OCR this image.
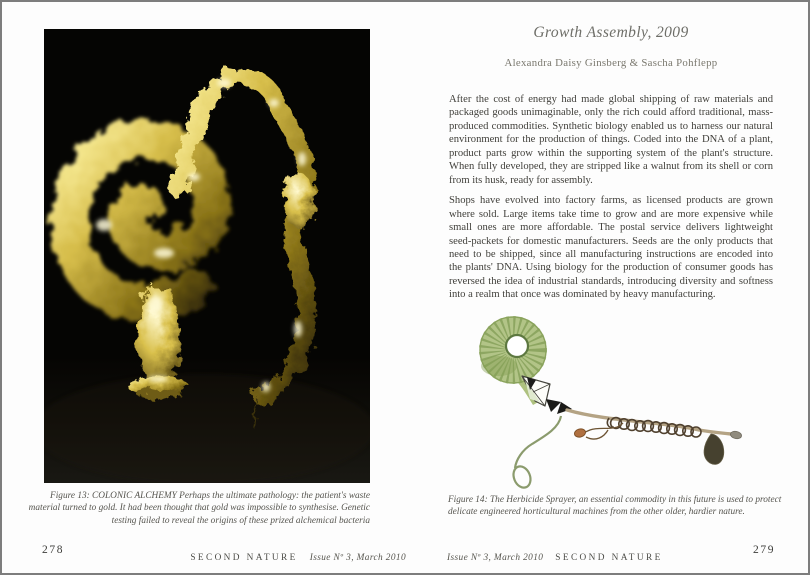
Figure 13: COLONIC ALCHEMY Perhaps the ultimate pathology: the patient's waste
material turned to gold. It had been thought that gold was impossible to synthesise. Genetic
testing failed to reveal the origins of these prized alchemical bacteria
278
SECOND NATURE Issue Nº 3, March 2010
Growth Assembly, 2009
Alexandra Daisy Ginsberg & Sascha Pohflepp

After the cost of energy had made global shipping of raw materials and packaged goods unimaginable, only the rich could afford traditional, mass-produced commodities. Synthetic biology enabled us to harness our natural environment for the production of things. Coded into the DNA of a plant, product parts grow within the supporting system of the plant's structure. When fully developed, they are stripped like a walnut from its shell or corn from its husk, ready for assembly.

Shops have evolved into factory farms, as licensed products are grown where sold. Large items take time to grow and are more expensive while small ones are more affordable. The postal service delivers lightweight seed-packets for domestic manufacturers. Seeds are the only products that need to be shipped, since all manufacturing instructions are encoded into the plants' DNA. Using biology for the production of consumer goods has reversed the idea of industrial standards, introducing diversity and softness into a realm that once was dominated by heavy manufacturing.

Figure 14: The Herbicide Sprayer, an essential commodity in this future is used to protect
delicate engineered horticultural machines from the other older, hardier nature.
Issue Nº 3, March 2010 SECOND NATURE
279
